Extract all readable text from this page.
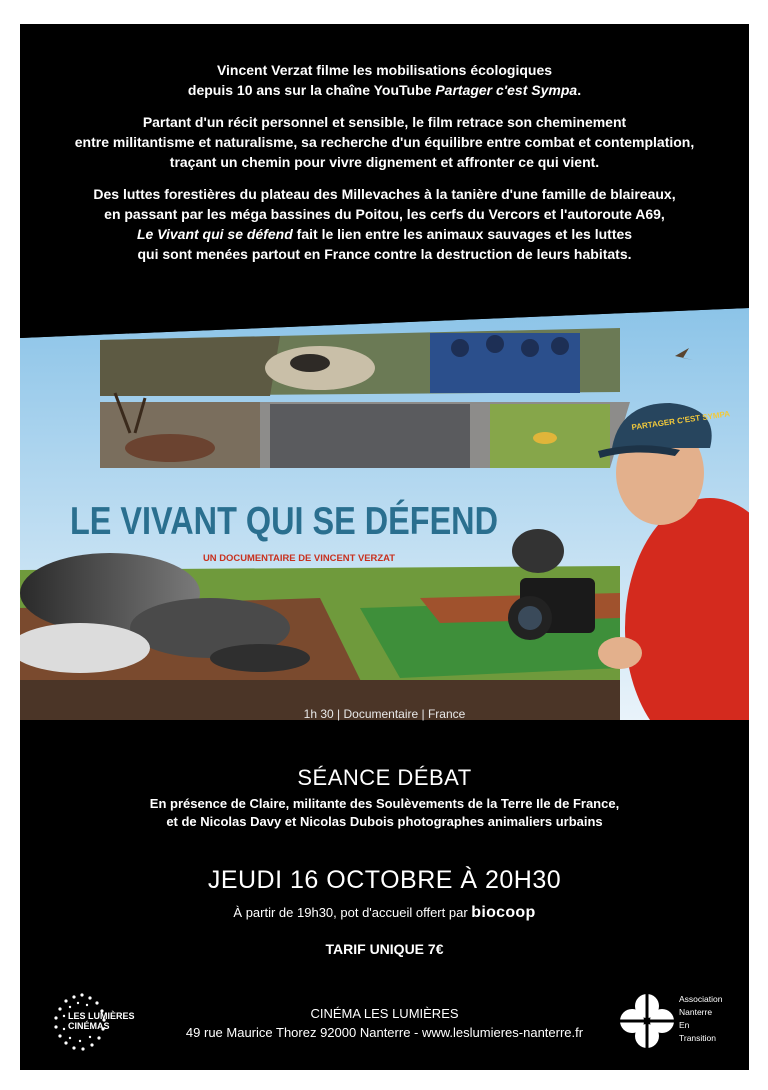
Vincent Verzat filme les mobilisations écologiques
depuis 10 ans sur la chaîne YouTube Partager c'est Sympa.

Partant d'un récit personnel et sensible, le film retrace son cheminement
entre militantisme et naturalisme, sa recherche d'un équilibre entre combat et contemplation,
traçant un chemin pour vivre dignement et affronter ce qui vient.

Des luttes forestières du plateau des Millevaches à la tanière d'une famille de blaireaux,
en passant par les méga bassines du Poitou, les cerfs du Vercors et l'autoroute A69,
Le Vivant qui se défend fait le lien entre les animaux sauvages et les luttes
qui sont menées partout en France contre la destruction de leurs habitats.

LE VIVANT QUI SE DÉFEND
UN DOCUMENTAIRE DE VINCENT VERZAT
PARTAGER C'EST SYMPA
1h 30 | Documentaire | France
SÉANCE DÉBAT
En présence de Claire, militante des Soulèvements de la Terre Ile de France,
et de Nicolas Davy et Nicolas Dubois photographes animaliers urbains
JEUDI 16 OCTOBRE À 20H30
À partir de 19h30, pot d'accueil offert par biocoop
TARIF UNIQUE 7€
LES LUMIÈRES
CINÉMAS
CINÉMA LES LUMIÈRES
49 rue Maurice Thorez 92000 Nanterre - www.leslumieres-nanterre.fr
Association
Nanterre
En
Transition
